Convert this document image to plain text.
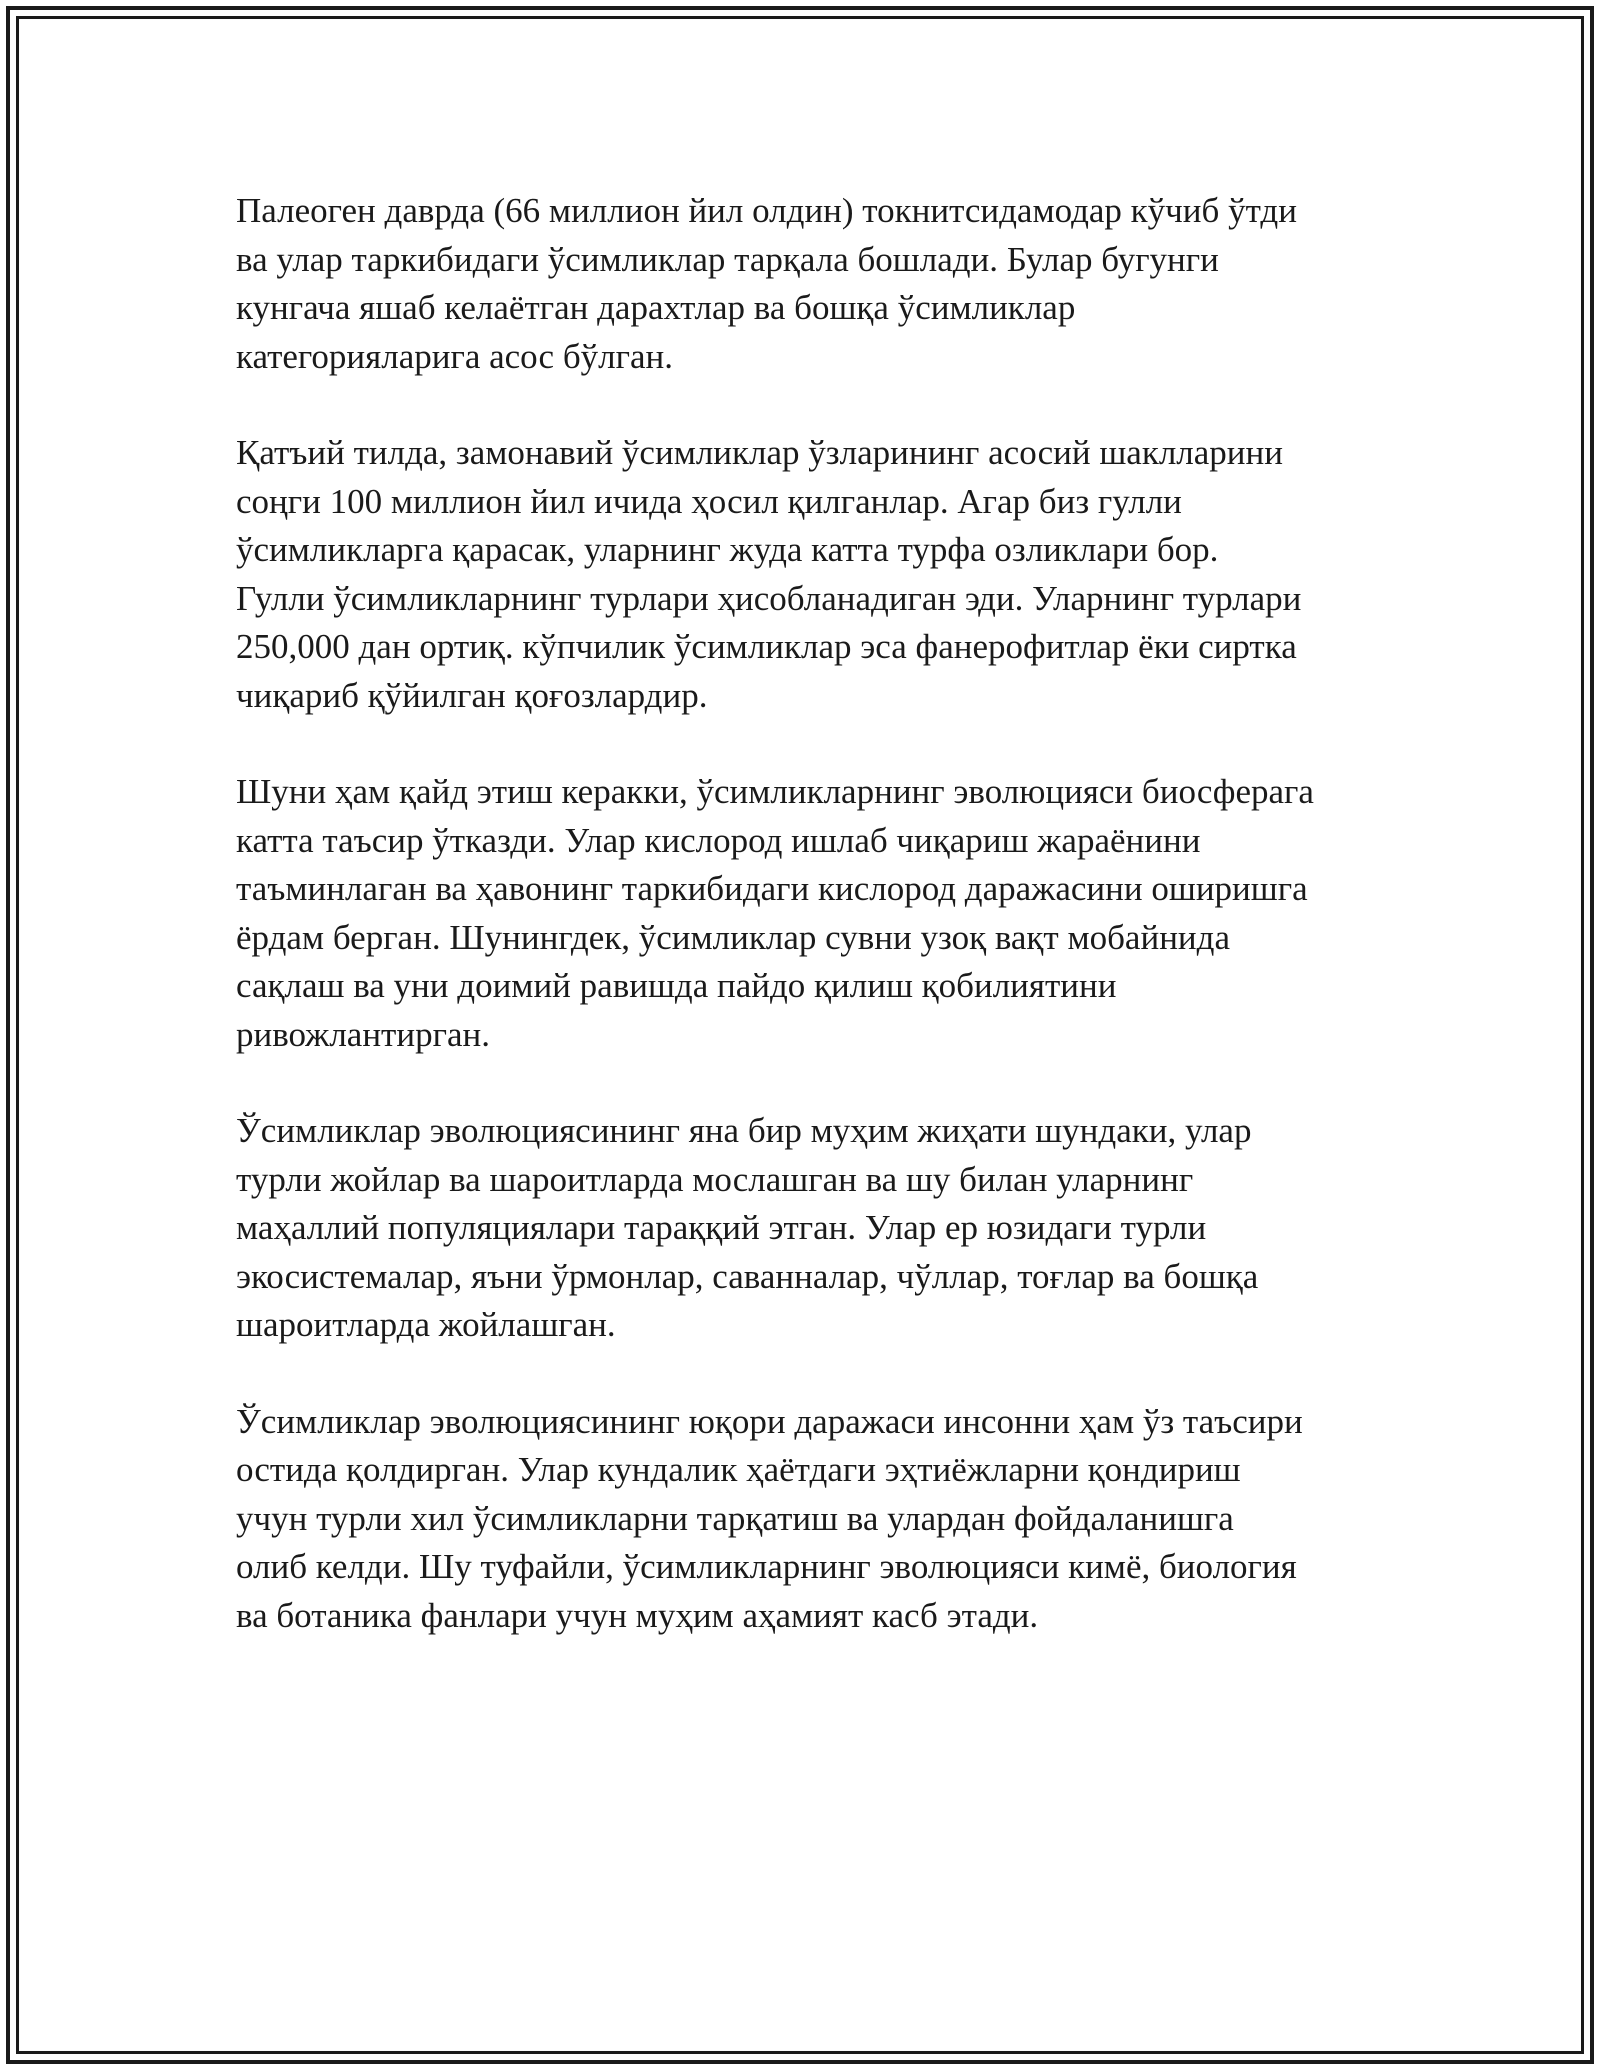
Палеоген даврда (66 миллион йил олдин) токнитсидамодар кўчиб ўтди
ва улар таркибидаги ўсимликлар тарқала бошлади. Булар бугунги
кунгача яшаб келаётган дарахтлар ва бошқа ўсимликлар
категорияларига асос бўлган.

Қатъий тилда, замонавий ўсимликлар ўзларининг асосий шаклларини
соңги 100 миллион йил ичида ҳосил қилганлар. Агар биз гулли
ўсимликларга қарасак, уларнинг жуда катта турфа озликлари бор.
Гулли ўсимликларнинг турлари ҳисобланадиган эди. Уларнинг турлари
250,000 дан ортиқ. кўпчилик ўсимликлар эса фанерофитлар ёки сиртка
чиқариб қўйилган қоғозлардир.

Шуни ҳам қайд этиш керакки, ўсимликларнинг эволюцияси биосферага
катта таъсир ўтказди. Улар кислород ишлаб чиқариш жараёнини
таъминлаган ва ҳавонинг таркибидаги кислород даражасини оширишга
ёрдам берган. Шунингдек, ўсимликлар сувни узоқ вақт мобайнида
сақлаш ва уни доимий равишда пайдо қилиш қобилиятини
ривожлантирган.

Ўсимликлар эволюциясининг яна бир муҳим жиҳати шундаки, улар
турли жойлар ва шароитларда мослашган ва шу билан уларнинг
маҳаллий популяциялари тараққий этган. Улар ер юзидаги турли
экосистемалар, яъни ўрмонлар, саванналар, чўллар, тоғлар ва бошқа
шароитларда жойлашган.

Ўсимликлар эволюциясининг юқори даражаси инсонни ҳам ўз таъсири
остида қолдирган. Улар кундалик ҳаётдаги эҳтиёжларни қондириш
учун турли хил ўсимликларни тарқатиш ва улардан фойдаланишга
олиб келди. Шу туфайли, ўсимликларнинг эволюцияси кимё, биология
ва ботаника фанлари учун муҳим аҳамият касб этади.
